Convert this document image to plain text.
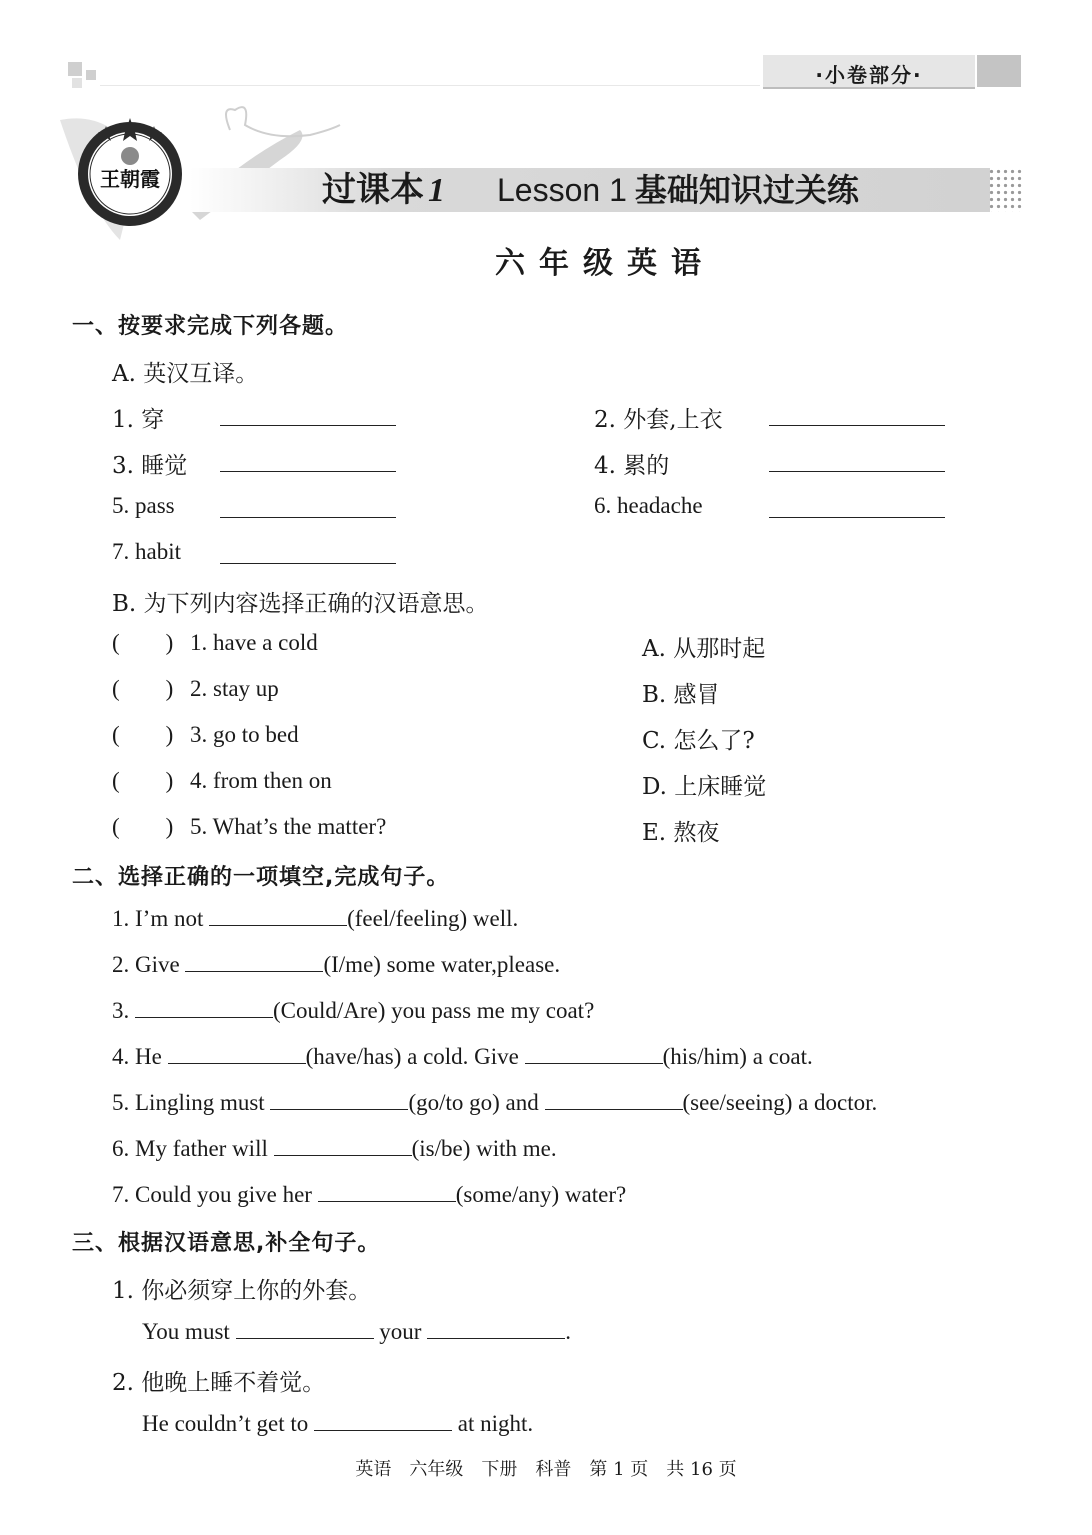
·小卷部分·
王朝霞	过课本 1 Lesson 1 基础知识过关练
六年级英语
一、按要求完成下列各题。
A. 英汉互译。
1. 穿	2. 外套,上衣
3. 睡觉	4. 累的
5. pass	6. headache
7. habit
B. 为下列内容选择正确的汉语意思。
(        ) 1. have a cold	A. 从那时起
(        ) 2. stay up	B. 感冒
(        ) 3. go to bed	C. 怎么了?
(        ) 4. from then on	D. 上床睡觉
(        ) 5. What’s the matter?	E. 熬夜
二、选择正确的一项填空,完成句子。
1. I’m not	(feel/feeling) well.
2. Give	(I/me) some water,please.
3.	(Could/Are) you pass me my coat?
4. He	(have/has) a cold. Give	(his/him) a coat.
5. Lingling must	(go/to go) and	(see/seeing) a doctor.
6. My father will	(is/be) with me.
7. Could you give her	(some/any) water?
三、根据汉语意思,补全句子。
1. 你必须穿上你的外套。
You must	your	.
2. 他晚上睡不着觉。
He couldn’t get to	at night.
英语 六年级 下册 科普 第 1 页 共 16 页
